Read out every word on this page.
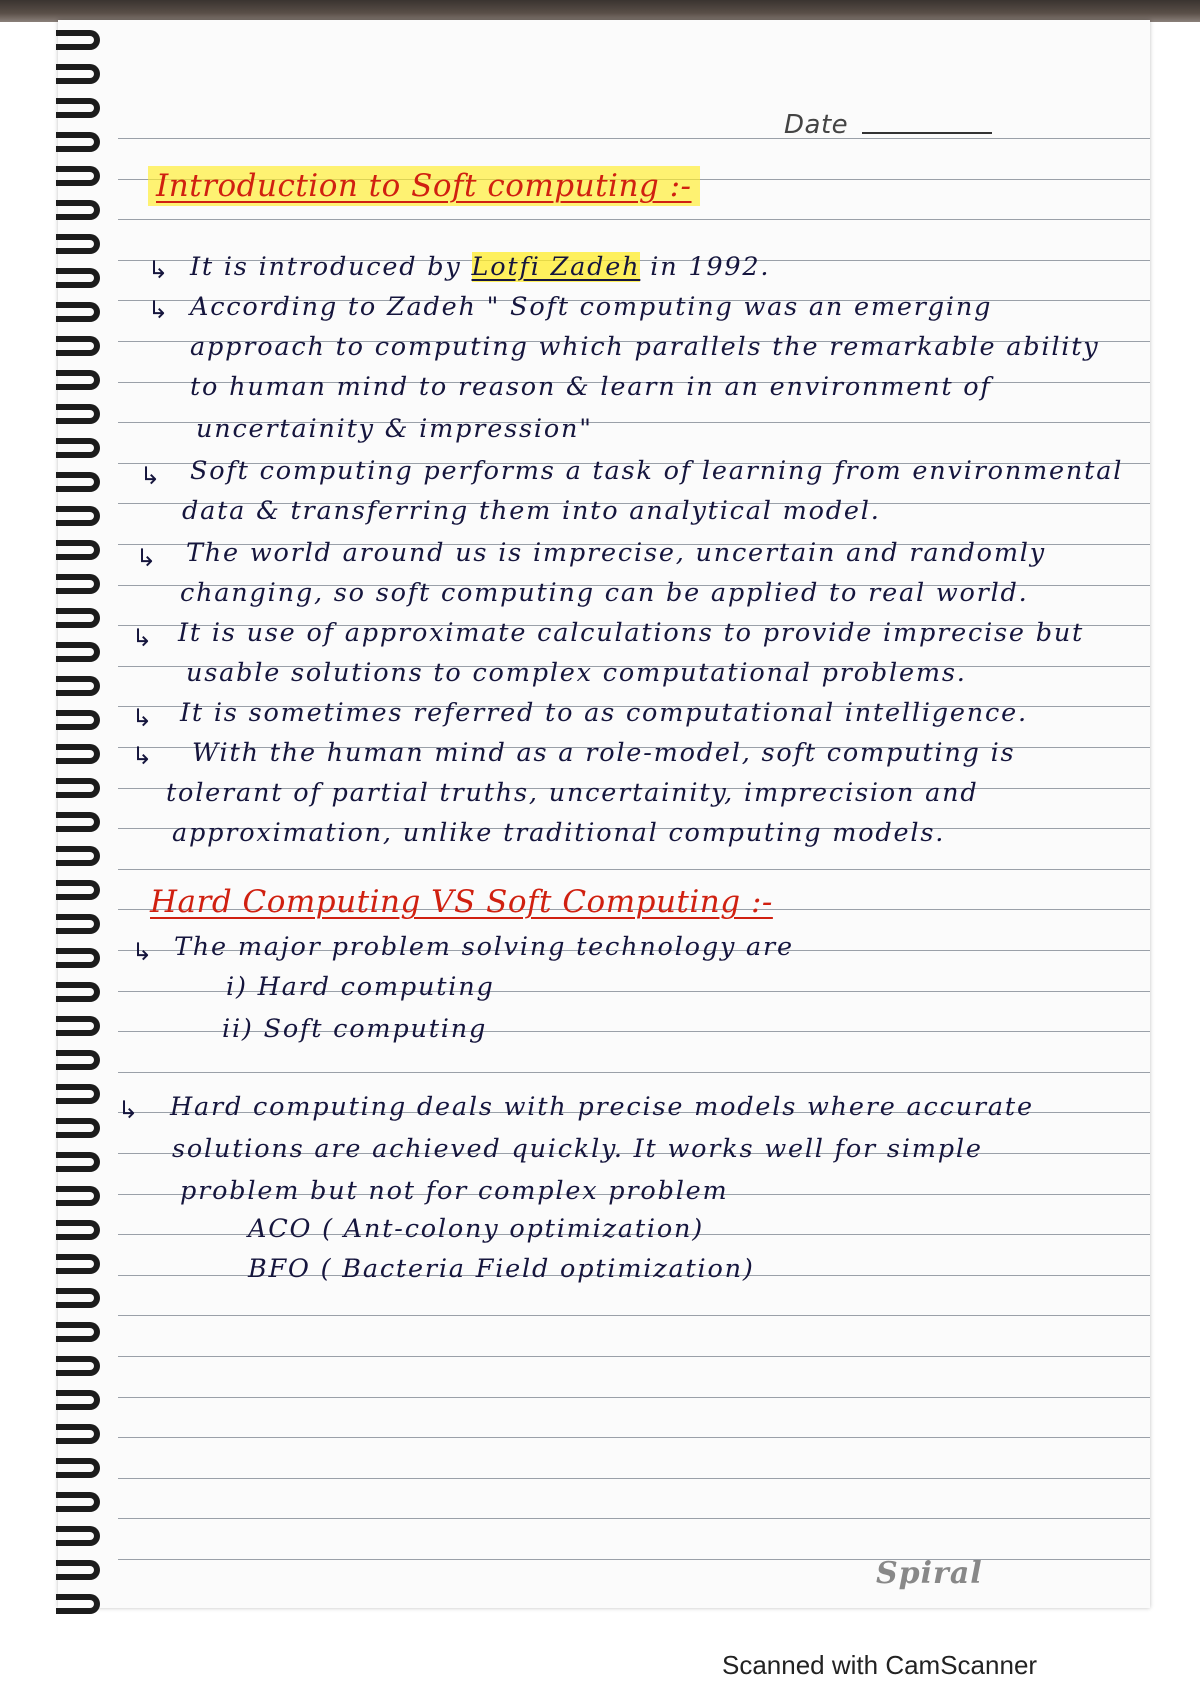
Date
Introduction to Soft computing :-
↳ It is introduced by Lotfi Zadeh in 1992.
↳ According to Zadeh " Soft computing was an emerging
approach to computing which parallels the remarkable ability
to human mind to reason & learn in an environment of
uncertainity & impression"
↳ Soft computing performs a task of learning from environmental
data & transferring them into analytical model.
↳ The world around us is imprecise, uncertain and randomly
changing, so soft computing can be applied to real world.
↳ It is use of approximate calculations to provide imprecise but
usable solutions to complex computational problems.
↳ It is sometimes referred to as computational intelligence.
↳ With the human mind as a role-model, soft computing is
tolerant of partial truths, uncertainity, imprecision and
approximation, unlike traditional computing models.
Hard Computing VS Soft Computing :-
↳ The major problem solving technology are
i) Hard computing
ii) Soft computing
↳ Hard computing deals with precise models where accurate
solutions are achieved quickly. It works well for simple
problem but not for complex problem
ACO ( Ant-colony optimization)
BFO ( Bacteria Field optimization)
Spiral
Scanned with CamScanner
